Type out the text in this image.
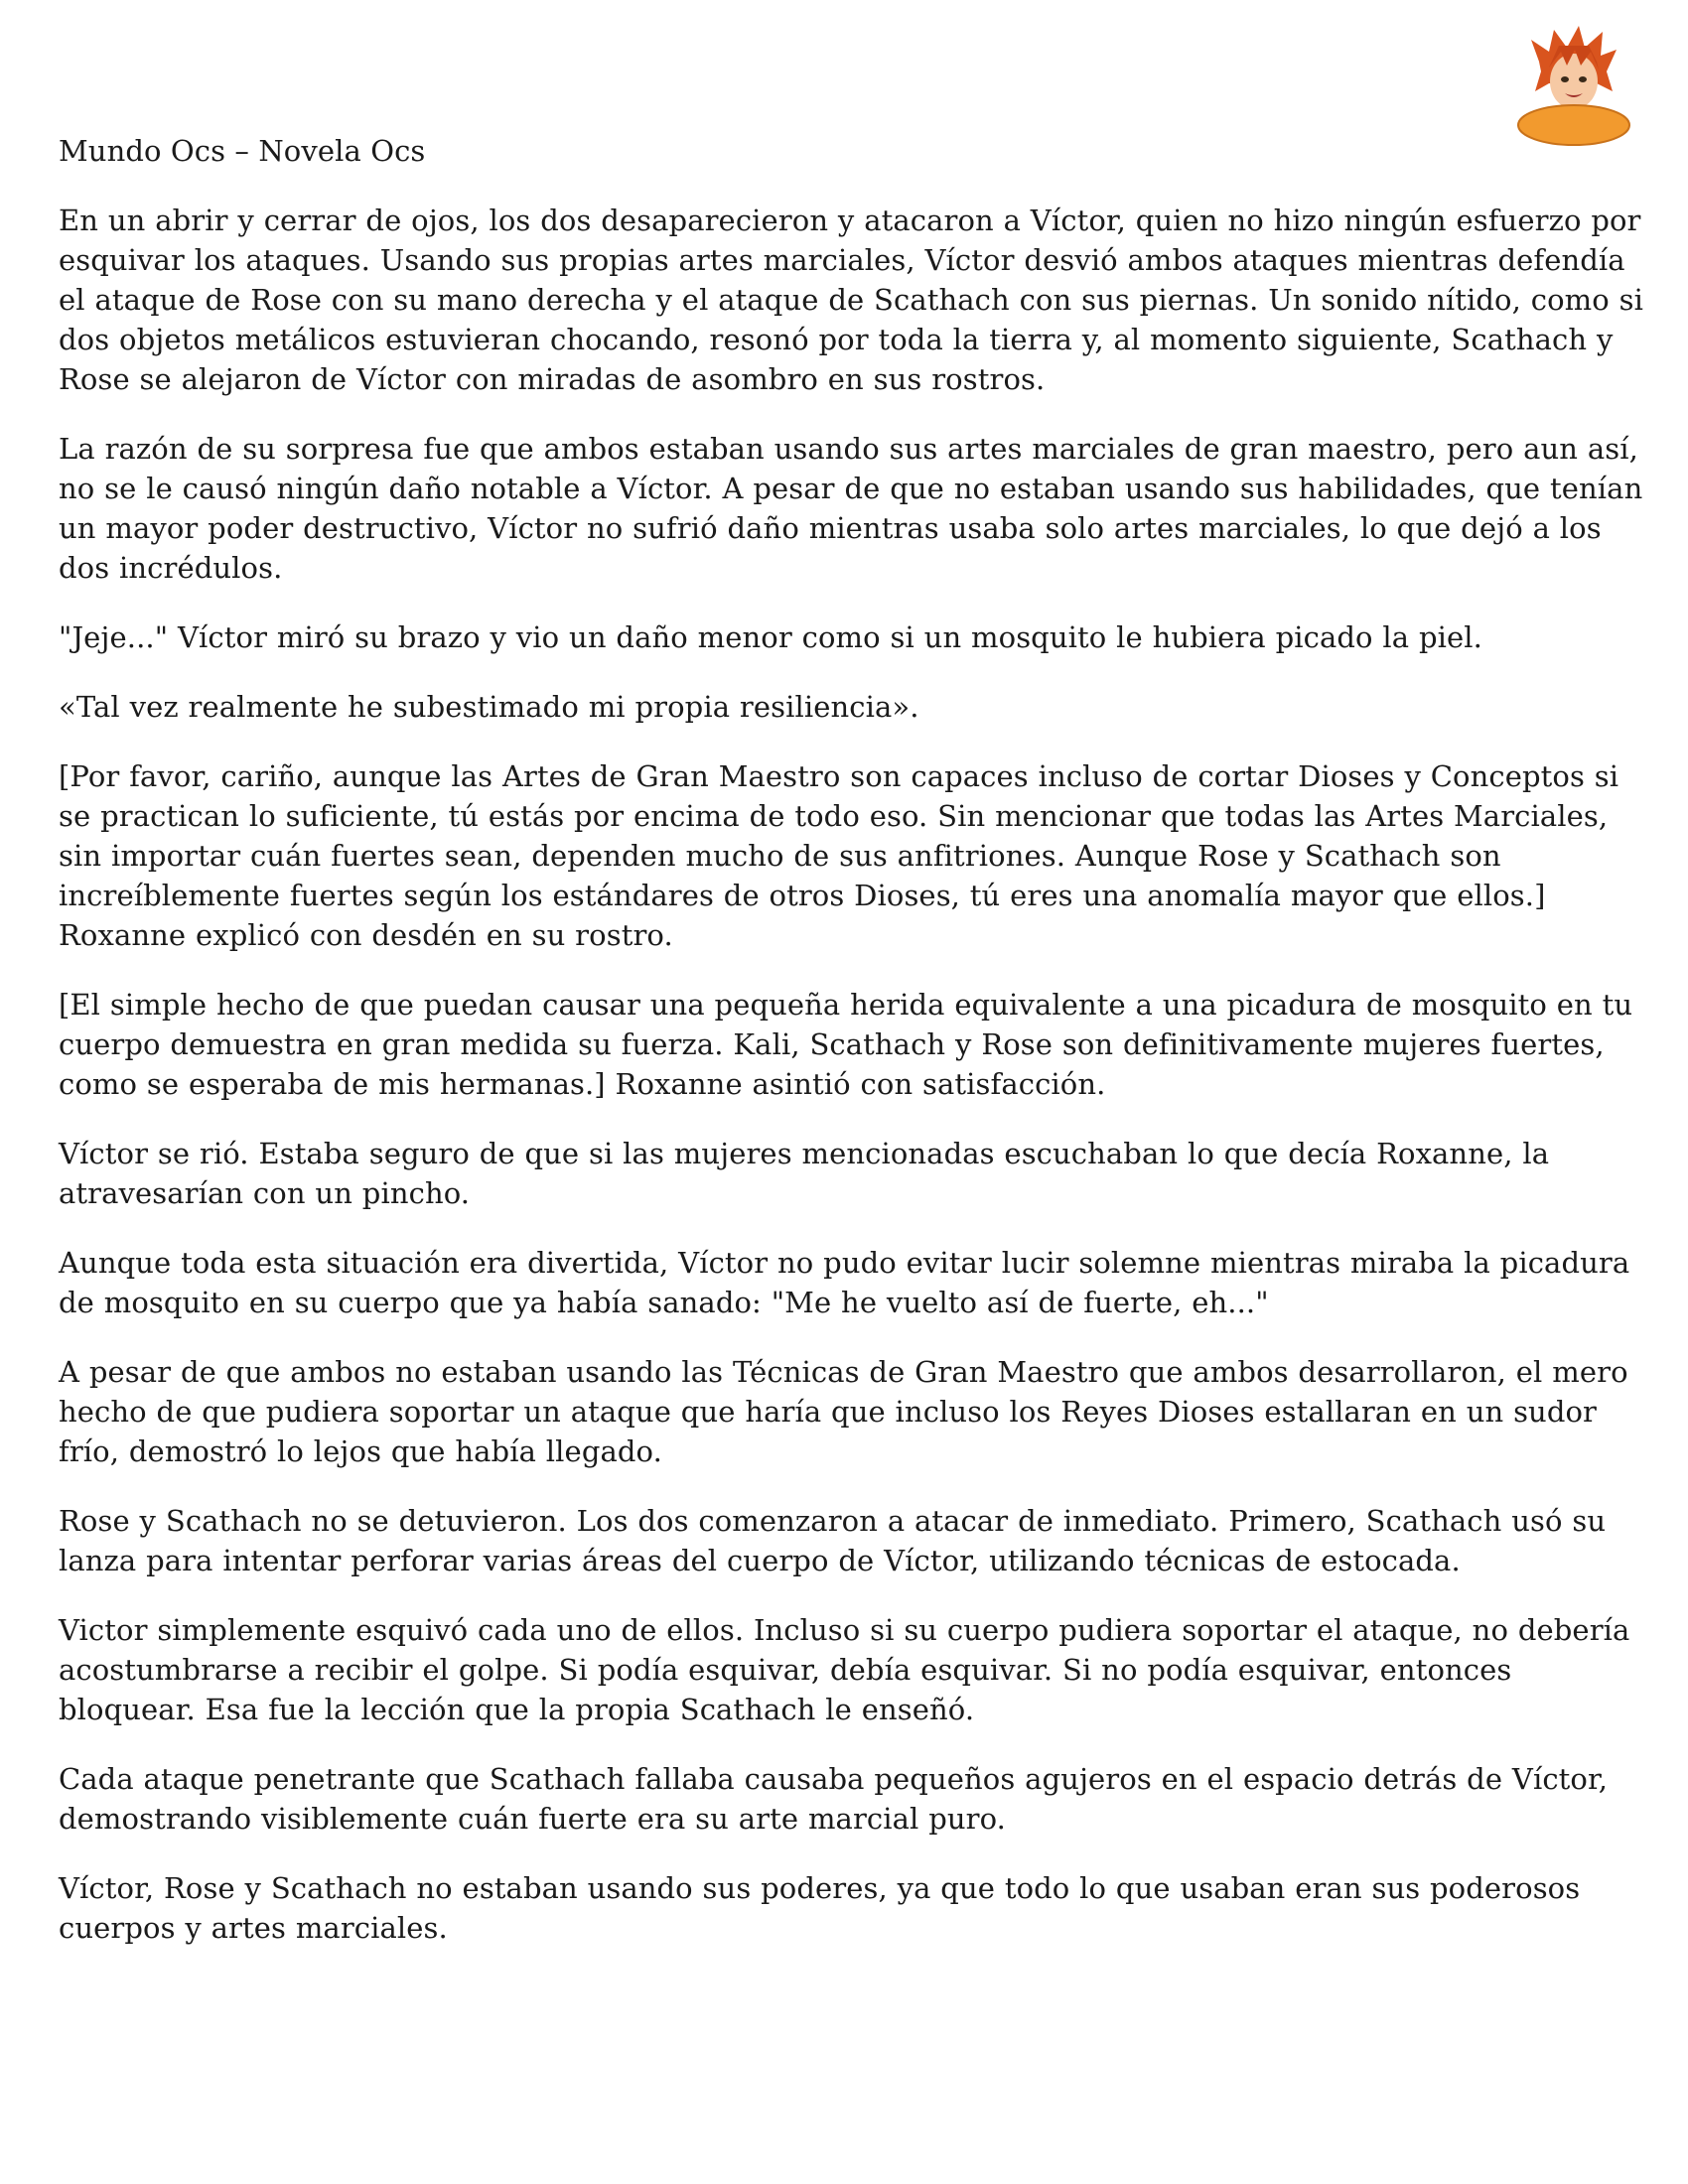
Mundo Ocs – Novela Ocs

En un abrir y cerrar de ojos, los dos desaparecieron y atacaron a Víctor, quien no hizo ningún esfuerzo por esquivar los ataques. Usando sus propias artes marciales, Víctor desvió ambos ataques mientras defendía el ataque de Rose con su mano derecha y el ataque de Scathach con sus piernas. Un sonido nítido, como si dos objetos metálicos estuvieran chocando, resonó por toda la tierra y, al momento siguiente, Scathach y Rose se alejaron de Víctor con miradas de asombro en sus rostros.

La razón de su sorpresa fue que ambos estaban usando sus artes marciales de gran maestro, pero aun así, no se le causó ningún daño notable a Víctor. A pesar de que no estaban usando sus habilidades, que tenían un mayor poder destructivo, Víctor no sufrió daño mientras usaba solo artes marciales, lo que dejó a los dos incrédulos.

"Jeje..." Víctor miró su brazo y vio un daño menor como si un mosquito le hubiera picado la piel.

«Tal vez realmente he subestimado mi propia resiliencia».

[Por favor, cariño, aunque las Artes de Gran Maestro son capaces incluso de cortar Dioses y Conceptos si se practican lo suficiente, tú estás por encima de todo eso. Sin mencionar que todas las Artes Marciales, sin importar cuán fuertes sean, dependen mucho de sus anfitriones. Aunque Rose y Scathach son increíblemente fuertes según los estándares de otros Dioses, tú eres una anomalía mayor que ellos.] Roxanne explicó con desdén en su rostro.

[El simple hecho de que puedan causar una pequeña herida equivalente a una picadura de mosquito en tu cuerpo demuestra en gran medida su fuerza. Kali, Scathach y Rose son definitivamente mujeres fuertes, como se esperaba de mis hermanas.] Roxanne asintió con satisfacción.

Víctor se rió. Estaba seguro de que si las mujeres mencionadas escuchaban lo que decía Roxanne, la atravesarían con un pincho.

Aunque toda esta situación era divertida, Víctor no pudo evitar lucir solemne mientras miraba la picadura de mosquito en su cuerpo que ya había sanado: "Me he vuelto así de fuerte, eh..."

A pesar de que ambos no estaban usando las Técnicas de Gran Maestro que ambos desarrollaron, el mero hecho de que pudiera soportar un ataque que haría que incluso los Reyes Dioses estallaran en un sudor frío, demostró lo lejos que había llegado.

Rose y Scathach no se detuvieron. Los dos comenzaron a atacar de inmediato. Primero, Scathach usó su lanza para intentar perforar varias áreas del cuerpo de Víctor, utilizando técnicas de estocada.

Victor simplemente esquivó cada uno de ellos. Incluso si su cuerpo pudiera soportar el ataque, no debería acostumbrarse a recibir el golpe. Si podía esquivar, debía esquivar. Si no podía esquivar, entonces bloquear. Esa fue la lección que la propia Scathach le enseñó.

Cada ataque penetrante que Scathach fallaba causaba pequeños agujeros en el espacio detrás de Víctor, demostrando visiblemente cuán fuerte era su arte marcial puro.

Víctor, Rose y Scathach no estaban usando sus poderes, ya que todo lo que usaban eran sus poderosos cuerpos y artes marciales.
